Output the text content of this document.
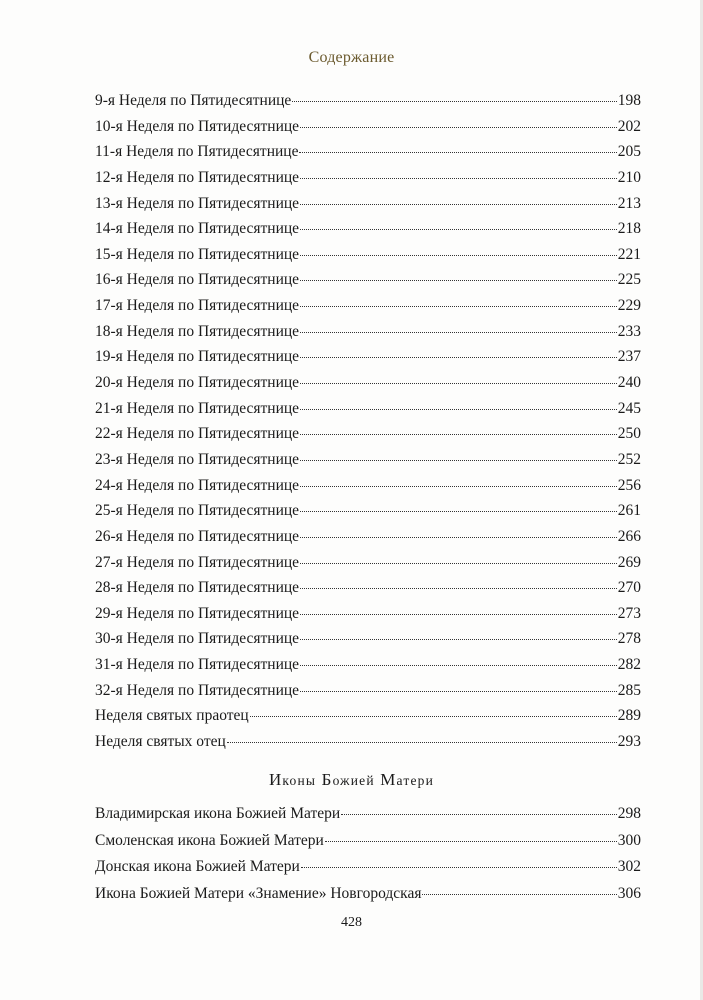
Содержание
9-я Неделя по Пятидесятнице	198
10-я Неделя по Пятидесятнице	202
11-я Неделя по Пятидесятнице	205
12-я Неделя по Пятидесятнице	210
13-я Неделя по Пятидесятнице	213
14-я Неделя по Пятидесятнице	218
15-я Неделя по Пятидесятнице	221
16-я Неделя по Пятидесятнице	225
17-я Неделя по Пятидесятнице	229
18-я Неделя по Пятидесятнице	233
19-я Неделя по Пятидесятнице	237
20-я Неделя по Пятидесятнице	240
21-я Неделя по Пятидесятнице	245
22-я Неделя по Пятидесятнице	250
23-я Неделя по Пятидесятнице	252
24-я Неделя по Пятидесятнице	256
25-я Неделя по Пятидесятнице	261
26-я Неделя по Пятидесятнице	266
27-я Неделя по Пятидесятнице	269
28-я Неделя по Пятидесятнице	270
29-я Неделя по Пятидесятнице	273
30-я Неделя по Пятидесятнице	278
31-я Неделя по Пятидесятнице	282
32-я Неделя по Пятидесятнице	285
Неделя святых праотец	289
Неделя святых отец	293
Иконы Божией Матери
Владимирская икона Божией Матери	298
Смоленская икона Божией Матери	300
Донская икона Божией Матери	302
Икона Божией Матери «Знамение» Новгородская	306
428
